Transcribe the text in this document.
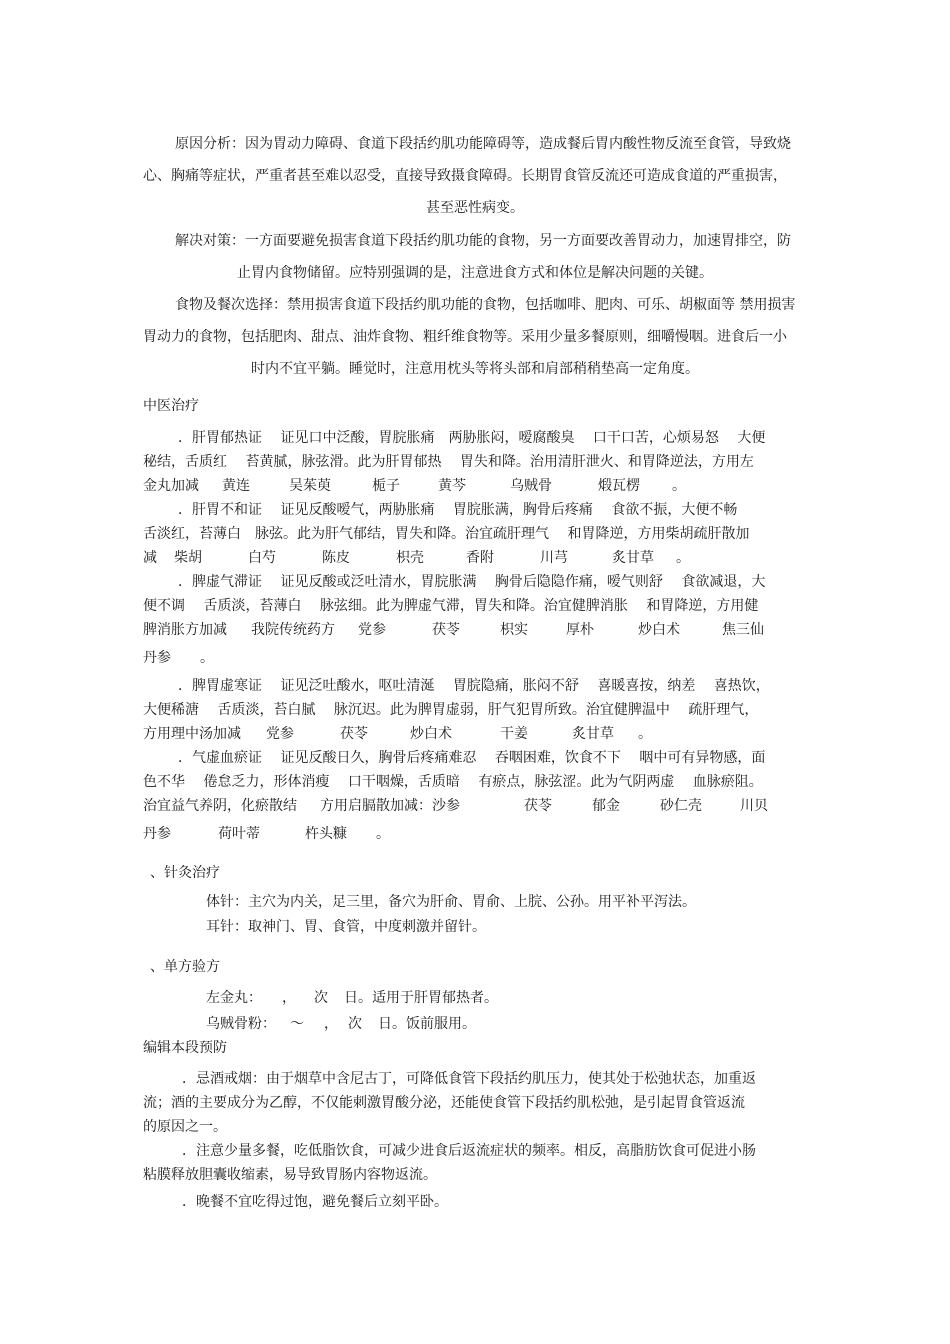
原因分析：因为胃动力障碍、食道下段括约肌功能障碍等，造成餐后胃内酸性物反流至食管，导致烧
心、胸痛等症状，严重者甚至难以忍受，直接导致摄食障碍。长期胃食管反流还可造成食道的严重损害，
甚至恶性病变。
解决对策：一方面要避免损害食道下段括约肌功能的食物，另一方面要改善胃动力，加速胃排空，防
止胃内食物储留。应特别强调的是，注意进食方式和体位是解决问题的关键。
食物及餐次选择：禁用损害食道下段括约肌功能的食物，包括咖啡、肥肉、可乐、胡椒面等 禁用损害
胃动力的食物，包括肥肉、甜点、油炸食物、粗纤维食物等。采用少量多餐原则，细嚼慢咽。进食后一小
时内不宜平躺。睡觉时，注意用枕头等将头部和肩部稍稍垫高一定角度。
中医治疗
．肝胃郁热证　 证见口中泛酸，胃脘胀痛　两胁胀闷，嗳腐酸臭　 口干口苦，心烦易怒　 大便
秘结，舌质红　 苔黄腻，脉弦滑。此为肝胃郁热　 胃失和降。治用清肝泄火、和胃降逆法，方用左
金丸加减 黄连	吴茱萸	栀子	黄芩	乌贼骨	煅瓦楞 。
．肝胃不和证　 证见反酸嗳气，两胁胀痛　 胃脘胀满，胸骨后疼痛　 食欲不振，大便不畅
舌淡红，苔薄白　脉弦。此为肝气郁结，胃失和降。治宜疏肝理气　 和胃降逆，方用柴胡疏肝散加
减 柴胡	白芍	陈皮	枳壳	香附	川芎	炙甘草 。
．脾虚气滞证　 证见反酸或泛吐清水，胃脘胀满　 胸骨后隐隐作痛，嗳气则舒　 食欲减退，大
便不调　 舌质淡，苔薄白　 脉弦细。此为脾虚气滞，胃失和降。治宜健脾消胀　 和胃降逆，方用健
脾消胀方加减 我院传统药方 党参	茯苓	枳实	厚朴	炒白术	焦三仙
丹参 。
．脾胃虚寒证　 证见泛吐酸水，呕吐清涎　 胃脘隐痛，胀闷不舒　 喜暖喜按，纳差　 喜热饮，
大便稀溏　 舌质淡，苔白腻　 脉沉迟。此为脾胃虚弱，肝气犯胃所致。治宜健脾温中　 疏肝理气，
方用理中汤加减 党参	茯苓	炒白术	干姜	炙甘草 。
．气虚血瘀证　 证见反酸日久，胸骨后疼痛难忍　 吞咽困难，饮食不下　 咽中可有异物感，面
色不华　 倦怠乏力，形体消瘦　 口干咽燥，舌质暗　 有瘀点，脉弦涩。此为气阴两虚　 血脉瘀阻。
治宜益气养阴，化瘀散结 方用启膈散加减：沙参	茯苓	郁金	砂仁壳	川贝
丹参	荷叶蒂	杵头糠 。
、针灸治疗
体针：主穴为内关，足三里，备穴为肝俞、胃俞、上脘、公孙。用平补平泻法。
耳针：取神门、胃、食管，中度刺激并留针。
、单方验方
左金丸： ， 次 日。适用于肝胃郁热者。
乌贼骨粉： ～ ， 次 日。饭前服用。
编辑本段预防
．忌酒戒烟：由于烟草中含尼古丁，可降低食管下段括约肌压力，使其处于松弛状态，加重返
流；酒的主要成分为乙醇，不仅能刺激胃酸分泌，还能使食管下段括约肌松弛，是引起胃食管返流
的原因之一。
．注意少量多餐，吃低脂饮食，可减少进食后返流症状的频率。相反，高脂肪饮食可促进小肠
粘膜释放胆囊收缩素，易导致胃肠内容物返流。
．晚餐不宜吃得过饱，避免餐后立刻平卧。
